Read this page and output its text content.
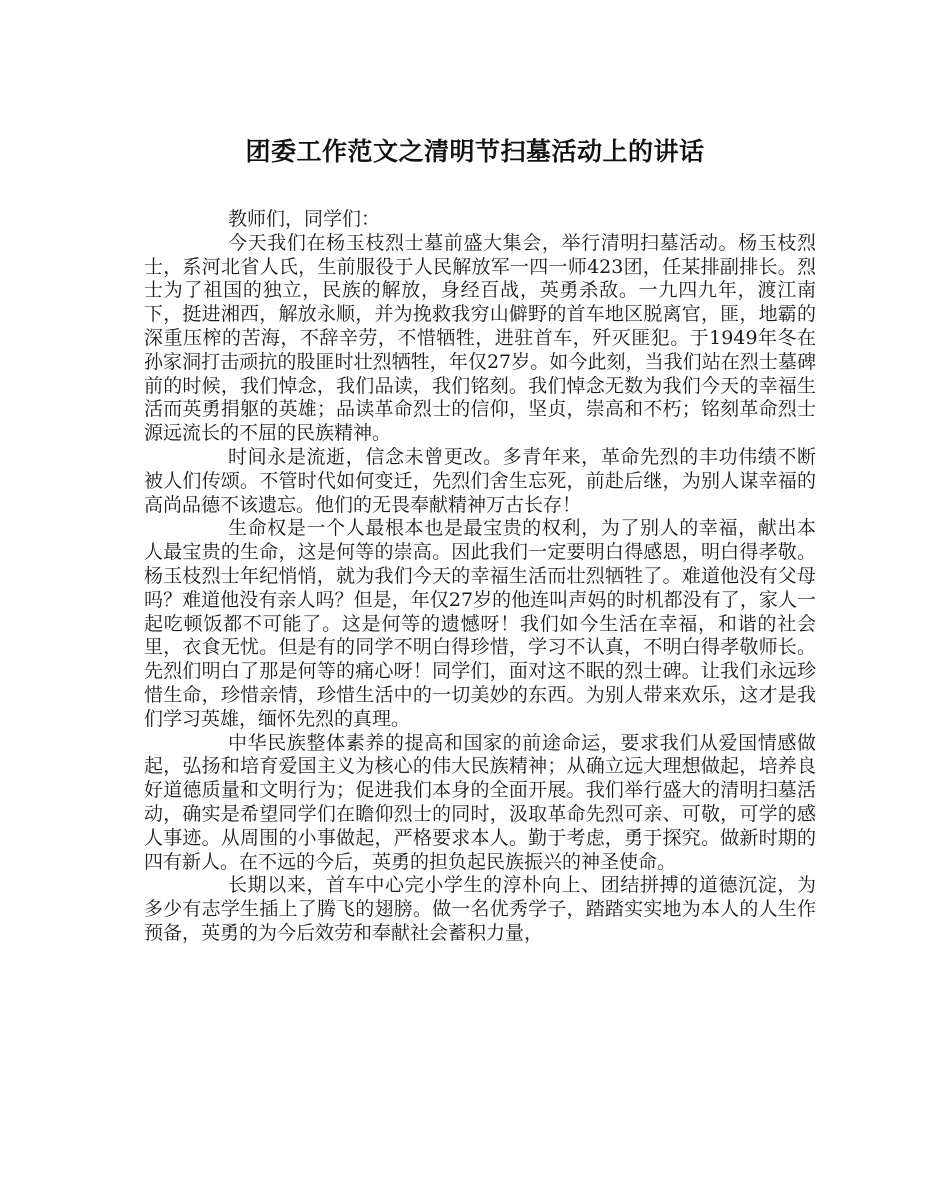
团委工作范文之清明节扫墓活动上的讲话

教师们，同学们：

今天我们在杨玉枝烈士墓前盛大集会，举行清明扫墓活动。杨玉枝烈士，系河北省人氏，生前服役于人民解放军一四一师423团，任某排副排长。烈士为了祖国的独立，民族的解放，身经百战，英勇杀敌。一九四九年，渡江南下，挺进湘西，解放永顺，并为挽救我穷山僻野的首车地区脱离官，匪，地霸的深重压榨的苦海，不辞辛劳，不惜牺牲，进驻首车，歼灭匪犯。于1949年冬在孙家洞打击顽抗的股匪时壮烈牺牲，年仅27岁。如今此刻，当我们站在烈士墓碑前的时候，我们悼念，我们品读，我们铭刻。我们悼念无数为我们今天的幸福生活而英勇捐躯的英雄；品读革命烈士的信仰，坚贞，崇高和不朽；铭刻革命烈士源远流长的不屈的民族精神。

时间永是流逝，信念未曾更改。多青年来，革命先烈的丰功伟绩不断被人们传颂。不管时代如何变迁，先烈们舍生忘死，前赴后继，为别人谋幸福的高尚品德不该遗忘。他们的无畏奉献精神万古长存！

生命权是一个人最根本也是最宝贵的权利，为了别人的幸福，献出本人最宝贵的生命，这是何等的崇高。因此我们一定要明白得感恩，明白得孝敬。杨玉枝烈士年纪悄悄，就为我们今天的幸福生活而壮烈牺牲了。难道他没有父母吗？难道他没有亲人吗？但是，年仅27岁的他连叫声妈的时机都没有了，家人一起吃顿饭都不可能了。这是何等的遗憾呀！我们如今生活在幸福，和谐的社会里，衣食无忧。但是有的同学不明白得珍惜，学习不认真，不明白得孝敬师长。先烈们明白了那是何等的痛心呀！同学们，面对这不眠的烈士碑。让我们永远珍惜生命，珍惜亲情，珍惜生活中的一切美妙的东西。为别人带来欢乐，这才是我们学习英雄，缅怀先烈的真理。

中华民族整体素养的提高和国家的前途命运，要求我们从爱国情感做起，弘扬和培育爱国主义为核心的伟大民族精神；从确立远大理想做起，培养良好道德质量和文明行为；促进我们本身的全面开展。我们举行盛大的清明扫墓活动，确实是希望同学们在瞻仰烈士的同时，汲取革命先烈可亲、可敬，可学的感人事迹。从周围的小事做起，严格要求本人。勤于考虑，勇于探究。做新时期的四有新人。在不远的今后，英勇的担负起民族振兴的神圣使命。

长期以来，首车中心完小学生的淳朴向上、团结拼搏的道德沉淀，为多少有志学生插上了腾飞的翅膀。做一名优秀学子，踏踏实实地为本人的人生作预备，英勇的为今后效劳和奉献社会蓄积力量，
